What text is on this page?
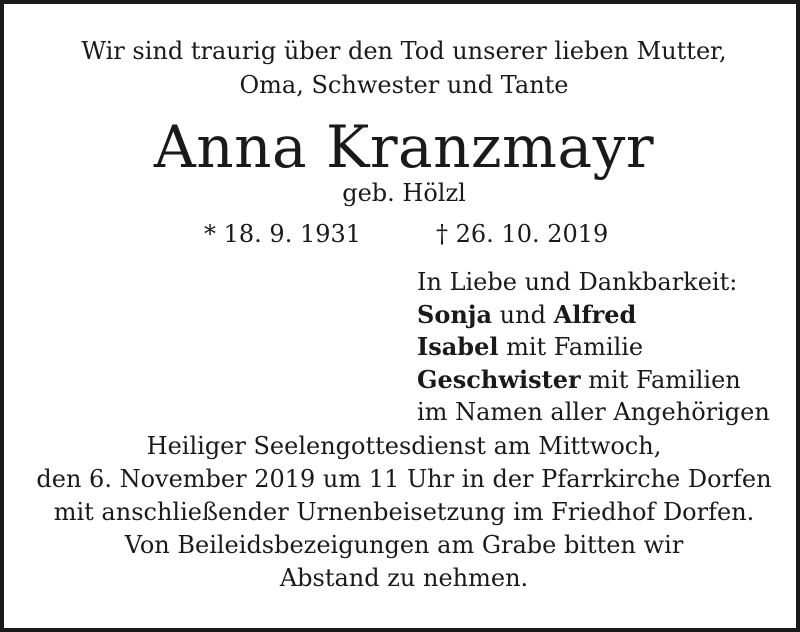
Wir sind traurig über den Tod unserer lieben Mutter,
Oma, Schwester und Tante
Anna Kranzmayr
geb. Hölzl
* 18. 9. 1931	† 26. 10. 2019
In Liebe und Dankbarkeit:
Sonja und Alfred
Isabel mit Familie
Geschwister mit Familien
im Namen aller Angehörigen
Heiliger Seelengottesdienst am Mittwoch,
den 6. November 2019 um 11 Uhr in der Pfarrkirche Dorfen
mit anschließender Urnenbeisetzung im Friedhof Dorfen.
Von Beileidsbezeigungen am Grabe bitten wir
Abstand zu nehmen.
